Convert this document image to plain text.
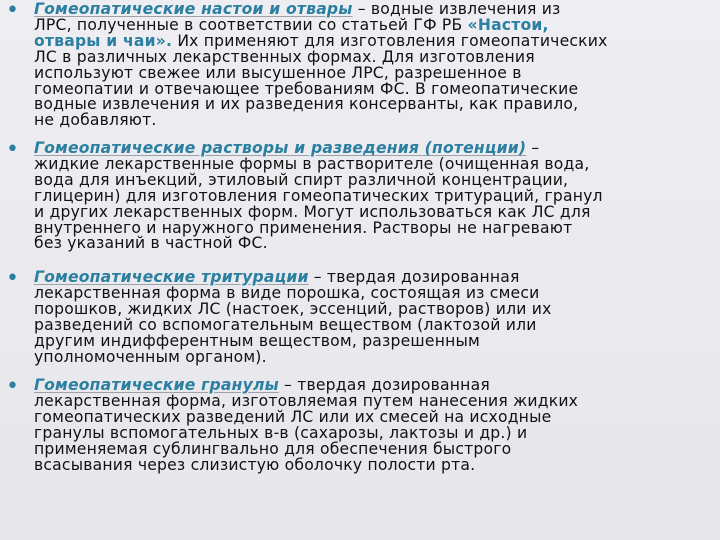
• Гомеопатические настои и отвары – водные извлечения из
ЛРС, полученные в соответствии со статьей ГФ РБ «Настои,
отвары и чаи». Их применяют для изготовления гомеопатических
ЛС в различных лекарственных формах. Для изготовления
используют свежее или высушенное ЛРС, разрешенное в
гомеопатии и отвечающее требованиям ФС. В гомеопатические
водные извлечения и их разведения консерванты, как правило,
не добавляют.
• Гомеопатические растворы и разведения (потенции) –
жидкие лекарственные формы в растворителе (очищенная вода,
вода для инъекций, этиловый спирт различной концентрации,
глицерин) для изготовления гомеопатических тритураций, гранул
и других лекарственных форм. Могут использоваться как ЛС для
внутреннего и наружного применения. Растворы не нагревают
без указаний в частной ФС.
• Гомеопатические тритурации – твердая дозированная
лекарственная форма в виде порошка, состоящая из смеси
порошков, жидких ЛС (настоек, эссенций, растворов) или их
разведений со вспомогательным веществом (лактозой или
другим индифферентным веществом, разрешенным
уполномоченным органом).
• Гомеопатические гранулы – твердая дозированная
лекарственная форма, изготовляемая путем нанесения жидких
гомеопатических разведений ЛС или их смесей на исходные
гранулы вспомогательных в-в (сахарозы, лактозы и др.) и
применяемая сублингвально для обеспечения быстрого
всасывания через слизистую оболочку полости рта.
